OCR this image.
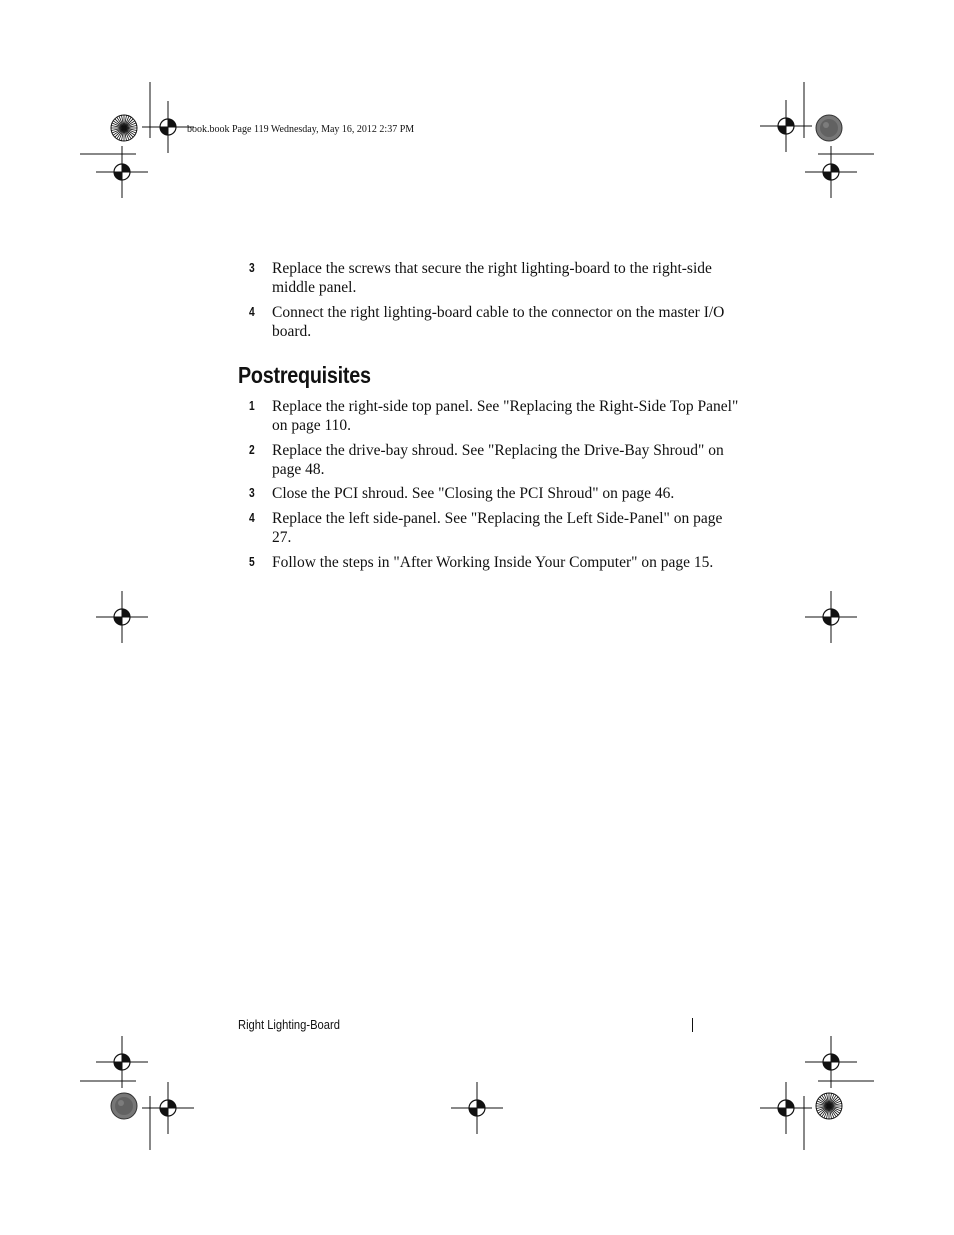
book.book Page 119 Wednesday, May 16, 2012 2:37 PM
3 Replace the screws that secure the right lighting-board to the right-side middle panel.
4 Connect the right lighting-board cable to the connector on the master I/O board.
Postrequisites
1 Replace the right-side top panel. See "Replacing the Right-Side Top Panel" on page 110.
2 Replace the drive-bay shroud. See "Replacing the Drive-Bay Shroud" on page 48.
3 Close the PCI shroud. See "Closing the PCI Shroud" on page 46.
4 Replace the left side-panel. See "Replacing the Left Side-Panel" on page 27.
5 Follow the steps in "After Working Inside Your Computer" on page 15.
Right Lighting-Board
